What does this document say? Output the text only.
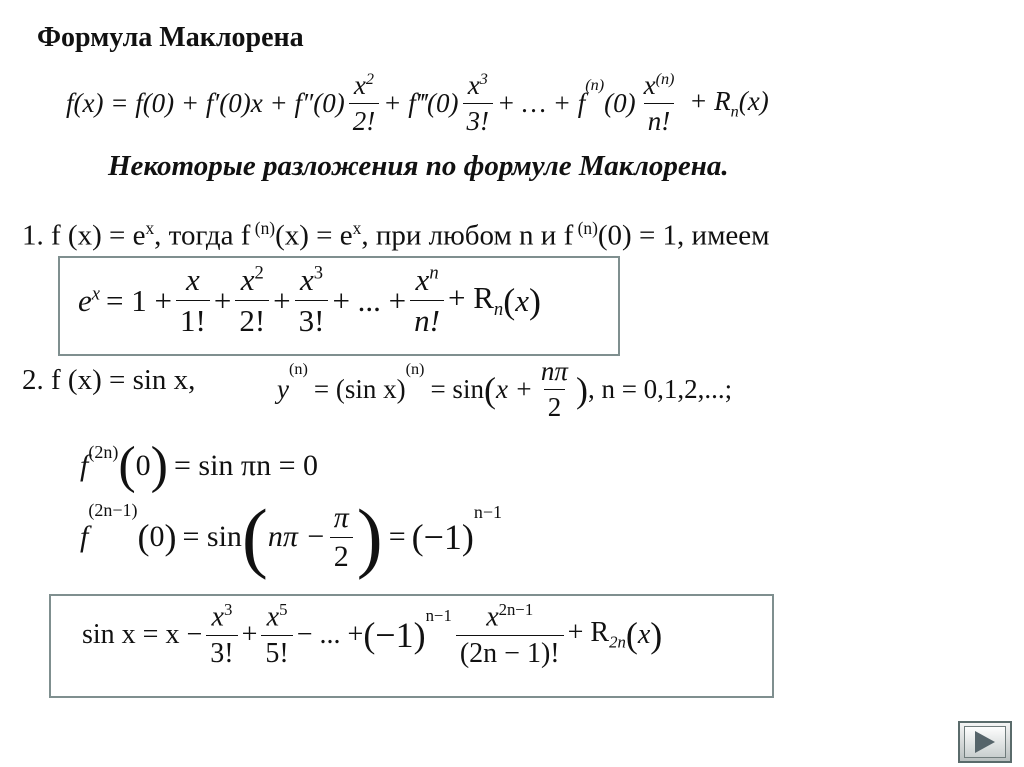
Формула Маклорена
$f(x) = f(0) + f'(0)x + f''(0) \frac{x^2}{2!}$ + f‴(0) $\frac{x^3}{3!}$ + … + f
$^{(n)}$
$(0) \frac{x^{(n)}}{n!} + R_n(x)$
Некоторые разложения по формуле Маклорена.
1. f $(x) = e^x$, тогда f $^{(n)}(x) = e^x$, при любом n и f $^{(n)}$(0) = 1, имеем
$e^x = 1 + \frac{x}{1!} + \frac{x^2}{2!} + \frac{x^3}{3!}$ + ... + $\frac{x^n}{n!} + R_n$ ( x )
2. f (x) = sin x,	y
$^{(n)}$
= (sin x)
$^{(n)}$
= sin ( $x + \frac{n\pi}{2}$ ) , n = 0,1,2,...;
$f^{(2n)}$ ( 0 ) = sin πn = 0
f
$^{(2n-1)}$
( 0 ) = sin ( $n\pi - \frac{\pi}{2}$ ) = (−1)
$^{n-1}$
$\sin x = x - \frac{x^3}{3!} + \frac{x^5}{5!}$ − ... + $(-1)^{n-1} \frac{x^{2n-1}}{(2n - 1)!} + R_{2n}$ ( x )
